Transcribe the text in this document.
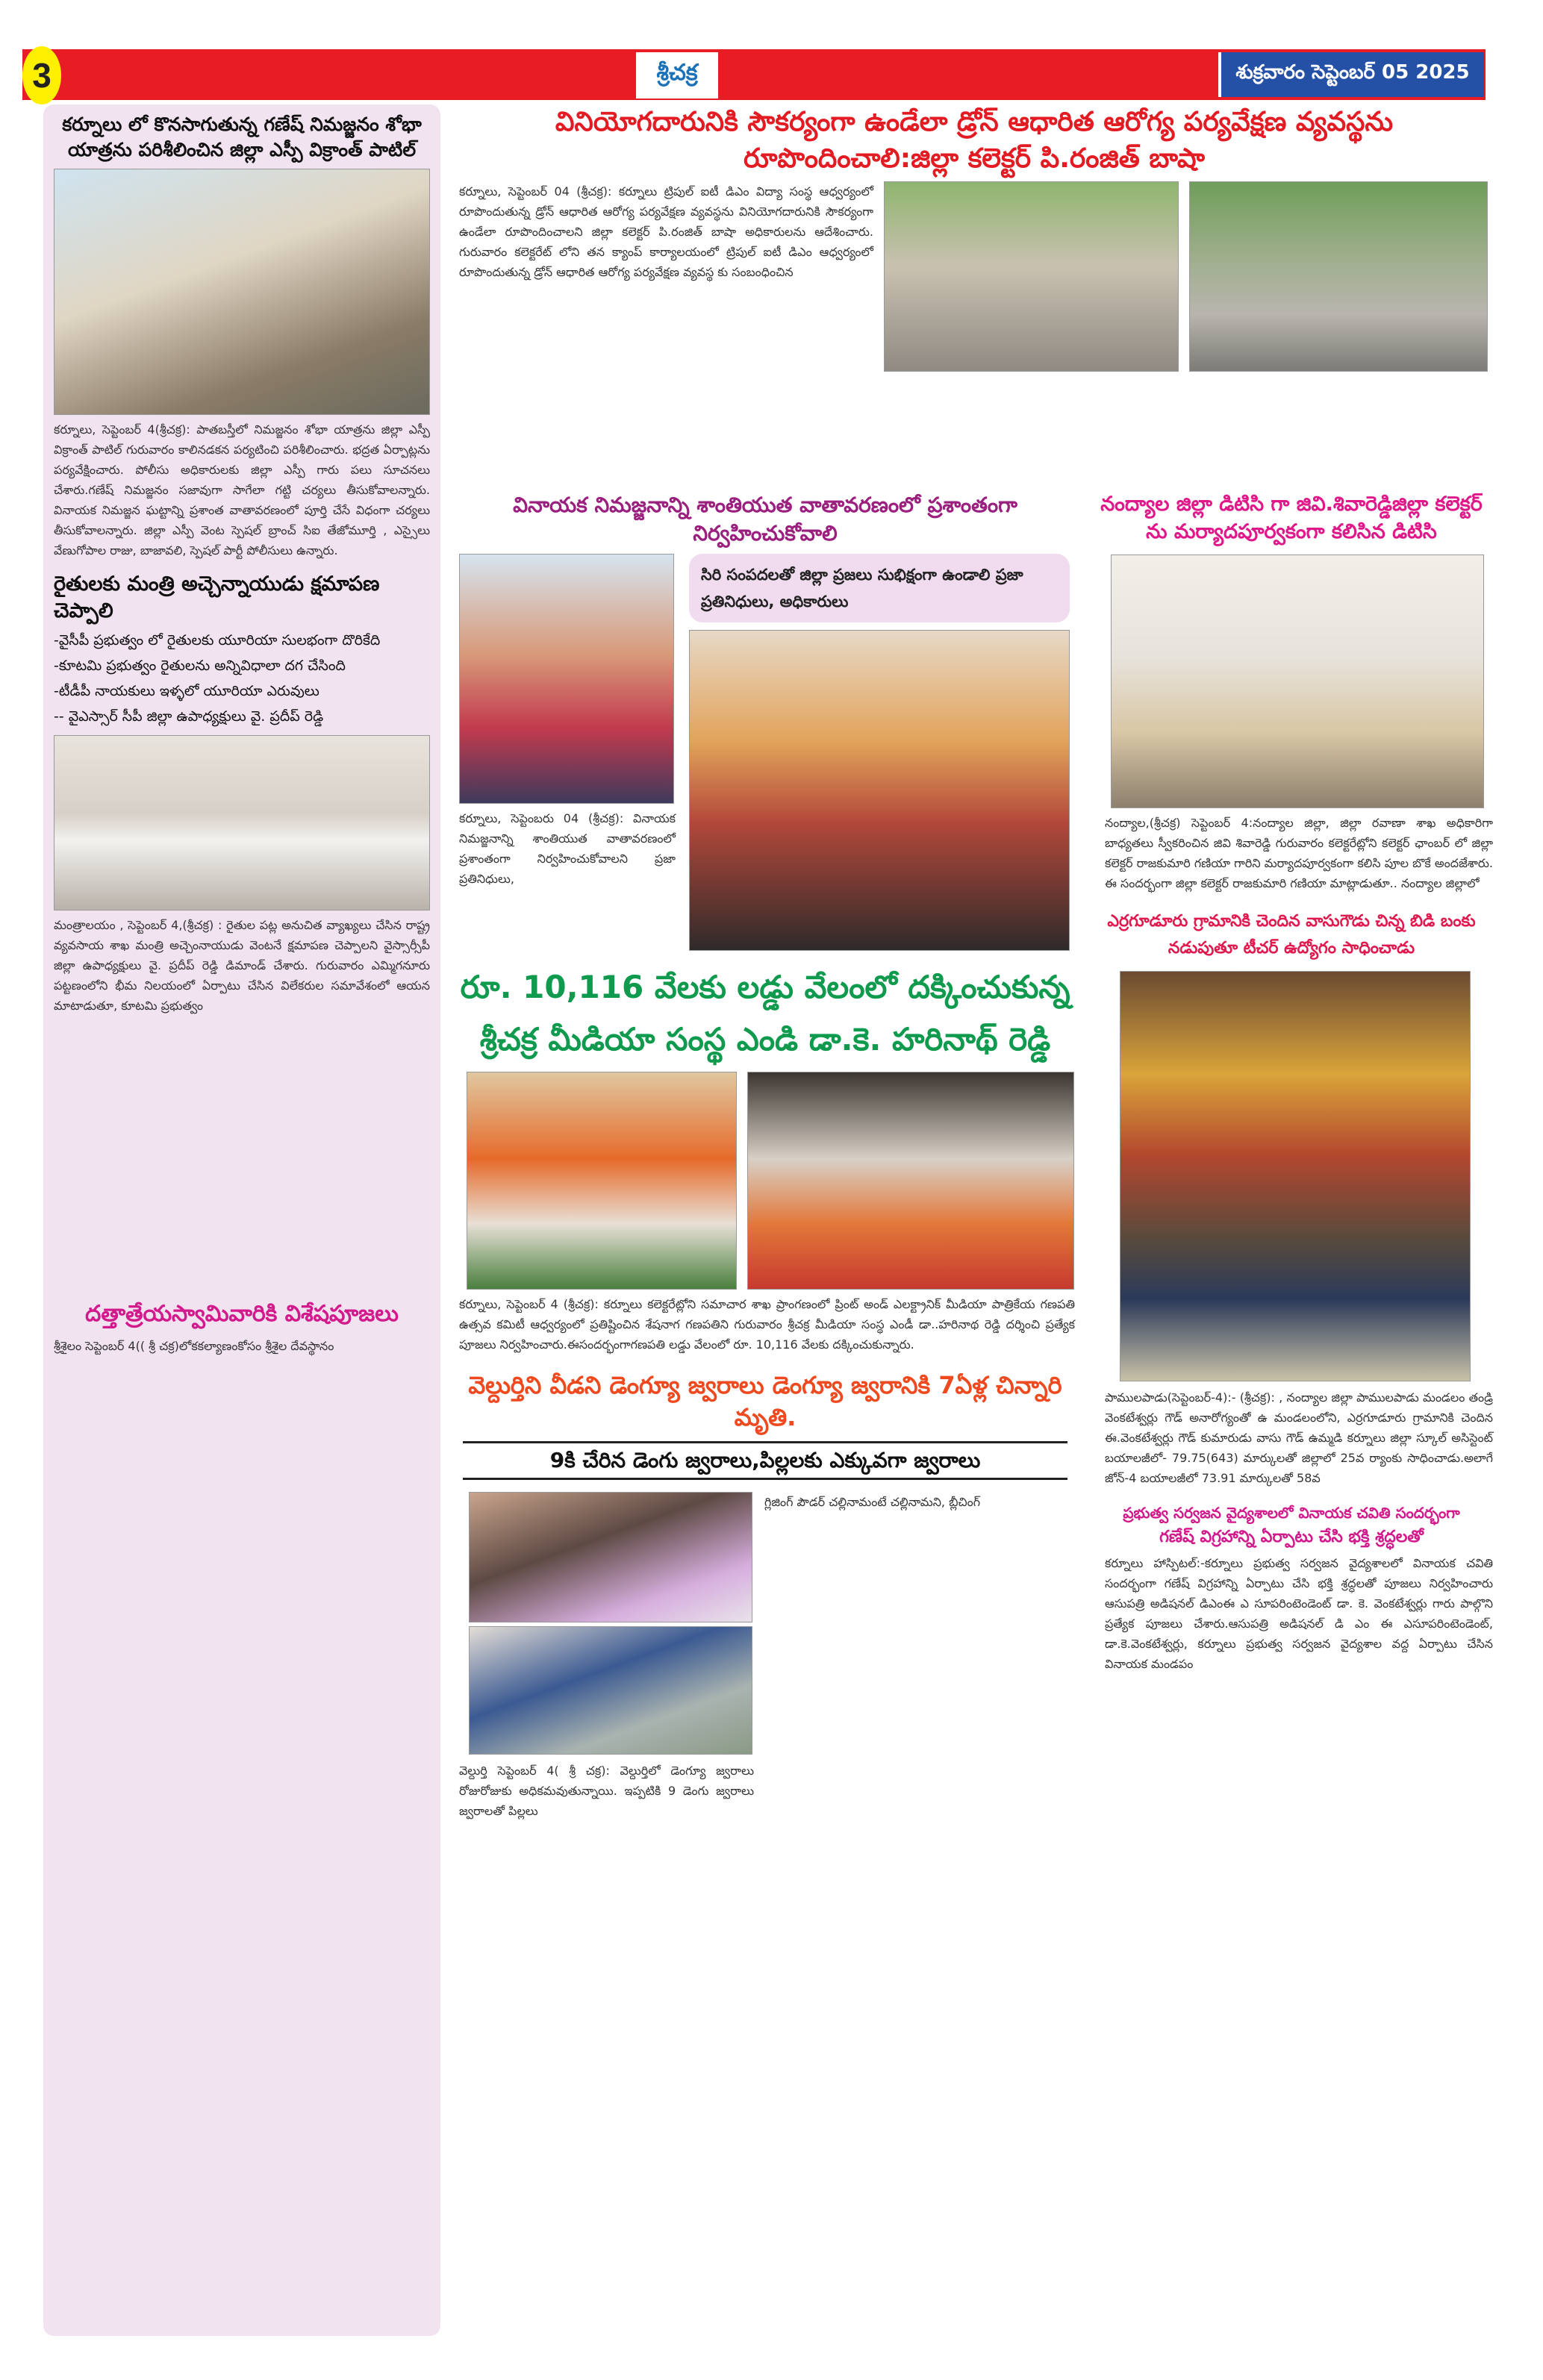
3	శ్రీచక్ర	శుక్రవారం సెప్టెంబర్ 05 2025
కర్నూలు లో కొనసాగుతున్న గణేష్ నిమజ్జనం శోభా యాత్రను పరిశీలించిన జిల్లా ఎస్పీ విక్రాంత్ పాటిల్
కర్నూలు, సెప్టెంబర్ 4(శ్రీచక్ర): పాతబస్తీలో నిమజ్జనం శోభా యాత్రను జిల్లా ఎస్పీ విక్రాంత్ పాటిల్ గురువారం కాలినడకన పర్యటించి పరిశీలించారు. భద్రత ఏర్పాట్లను పర్యవేక్షించారు. పోలీసు అధికారులకు జిల్లా ఎస్పీ గారు పలు సూచనలు చేశారు.గణేష్ నిమజ్జనం సజావుగా సాగేలా గట్టి చర్యలు తీసుకోవాలన్నారు. వినాయక నిమజ్జన ఘట్టాన్ని ప్రశాంత వాతావరణంలో పూర్తి చేసే విధంగా చర్యలు తీసుకోవాలన్నారు. జిల్లా ఎస్పీ వెంట స్పెషల్ బ్రాంచ్ సిఐ తేజోమూర్తి , ఎస్సైలు వేణుగోపాల రాజు, బాజావలి, స్పెషల్ పార్టీ పోలీసులు ఉన్నారు.
రైతులకు మంత్రి అచ్చెన్నాయుడు క్షమాపణ చెప్పాలి
-వైసీపీ ప్రభుత్వం లో రైతులకు యూరియా సులభంగా దొరికేది
-కూటమి ప్రభుత్వం రైతులను అన్నివిధాలా దగ చేసింది
-టీడీపీ నాయకులు ఇళ్ళలో యూరియా ఎరువులు
-- వైఎస్సార్ సీపీ జిల్లా ఉపాధ్యక్షులు వై. ప్రదీప్ రెడ్డి
మంత్రాలయం , సెప్టెంబర్ 4,(శ్రీచక్ర) : రైతుల పట్ల అనుచిత వ్యాఖ్యలు చేసిన రాష్ట్ర వ్యవసాయ శాఖ మంత్రి అచ్చెంనాయుడు వెంటనే క్షమాపణ చెప్పాలని వైస్సార్సీపీ జిల్లా ఉపాధ్యక్షులు వై. ప్రదీప్ రెడ్డి డిమాండ్ చేశారు. గురువారం ఎమ్మిగనూరు పట్టణంలోని భీమ నిలయంలో ఏర్పాటు చేసిన విలేకరుల సమావేశంలో ఆయన మాటాడుతూ, కూటమి ప్రభుత్వం
దత్తాత్రేయస్వామివారికి విశేషపూజలు
శ్రీశైలం సెప్టెంబర్ 4(( శ్రీ చక్ర)లోకకల్యాణంకోసం శ్రీశైల దేవస్థానం
వినియోగదారునికి సౌకర్యంగా ఉండేలా డ్రోన్ ఆధారిత ఆరోగ్య పర్యవేక్షణ వ్యవస్థను రూపొందించాలి:జిల్లా కలెక్టర్ పి.రంజిత్ బాషా
కర్నూలు, సెప్టెంబర్ 04 (శ్రీచక్ర): కర్నూలు ట్రిపుల్ ఐటీ డిఎం విద్యా సంస్థ ఆధ్వర్యంలో రూపొందుతున్న డ్రోన్ ఆధారిత ఆరోగ్య పర్యవేక్షణ వ్యవస్థను వినియోగదారునికి సౌకర్యంగా ఉండేలా రూపొందించాలని జిల్లా కలెక్టర్ పి.రంజిత్ బాషా అధికారులను ఆదేశించారు. గురువారం కలెక్టరేట్ లోని తన క్యాంప్ కార్యాలయంలో ట్రిపుల్ ఐటీ డిఎం ఆధ్వర్యంలో రూపొందుతున్న డ్రోన్ ఆధారిత ఆరోగ్య పర్యవేక్షణ వ్యవస్థ కు సంబంధించిన
వినాయక నిమజ్జనాన్ని శాంతియుత వాతావరణంలో ప్రశాంతంగా నిర్వహించుకోవాలి
కర్నూలు, సెప్టెంబరు 04 (శ్రీచక్ర): వినాయక నిమజ్జనాన్ని శాంతియుత వాతావరణంలో ప్రశాంతంగా నిర్వహించుకోవాలని ప్రజా ప్రతినిధులు,
సిరి సంపదలతో జిల్లా ప్రజలు సుభిక్షంగా ఉండాలి ప్రజా ప్రతినిధులు, అధికారులు
రూ. 10,116 వేలకు లడ్డు వేలంలో దక్కించుకున్న శ్రీచక్ర మీడియా సంస్థ ఎండి డా.కె. హరినాథ్ రెడ్డి
కర్నూలు, సెప్టెంబర్ 4 (శ్రీచక్ర): కర్నూలు కలెక్టరేట్లోని సమాచార శాఖ ప్రాంగణంలో ప్రింట్ అండ్ ఎలక్ట్రానిక్ మీడియా పాత్రికేయ గణపతి ఉత్సవ కమిటీ ఆధ్వర్యంలో ప్రతిష్టించిన శేషనాగ గణపతిని గురువారం శ్రీచక్ర మీడియా సంస్థ ఎండీ డా..హరినాథ రెడ్డి దర్శించి ప్రత్యేక పూజలు నిర్వహించారు.ఈసందర్భంగాగణపతి లడ్డు వేలంలో రూ. 10,116 వేలకు దక్కించుకున్నారు.
వెల్దుర్తిని వీడని డెంగ్యూ జ్వరాలు డెంగ్యూ జ్వరానికి 7ఏళ్ల చిన్నారి మృతి.
9కి చేరిన డెంగు జ్వరాలు,పిల్లలకు ఎక్కువగా జ్వరాలు
వెల్దుర్తి సెప్టెంబర్ 4( శ్రీ చక్ర): వెల్దుర్తిలో డెంగ్యూ జ్వరాలు రోజురోజుకు అధికమవుతున్నాయి. ఇప్పటికి 9 డెంగు జ్వరాలు జ్వరాలతో పిల్లలు
గ్లిజింగ్ పౌడర్ చల్లినామంటే చల్లినామని, బ్లీచింగ్
నంద్యాల జిల్లా డిటిసి గా జివి.శివారెడ్డిజిల్లా కలెక్టర్ ను మర్యాదపూర్వకంగా కలిసిన డిటిసి
నంద్యాల,(శ్రీచక్ర) సెప్టెంబర్ 4:నంద్యాల జిల్లా, జిల్లా రవాణా శాఖ అధికారిగా బాధ్యతలు స్వీకరించిన జివి శివారెడ్డి గురువారం కలెక్టరేట్లోని కలెక్టర్ ఛాంబర్ లో జిల్లా కలెక్టర్ రాజకుమారి గణియా గారిని మర్యాదపూర్వకంగా కలిసి పూల బొకే అందజేశారు. ఈ సందర్భంగా జిల్లా కలెక్టర్ రాజకుమారి గణియా మాట్లాడుతూ.. నంద్యాల జిల్లాలో
ఎర్రగూడూరు గ్రామానికి చెందిన వాసుగౌడు చిన్న బిడి బంకు నడుపుతూ టీచర్ ఉద్యోగం సాధించాడు
పాములపాడు(సెప్టెంబర్-4):- (శ్రీచక్ర): , నంద్యాల జిల్లా పాములపాడు మండలం తండ్రి వెంకటేశ్వర్లు గౌడ్ అనారోగ్యంతో ఉ మండలంలోని, ఎర్రగూడూరు గ్రామానికి చెందిన ఈ.వెంకటేశ్వర్లు గౌడ్ కుమారుడు వాసు గౌడ్ ఉమ్మడి కర్నూలు జిల్లా స్కూల్ అసిస్టెంట్ బయాలజీలో- 79.75(643) మార్కులతో జిల్లాలో 25వ ర్యాంకు సాధించాడు.అలాగే జోన్-4 బయాలజీలో 73.91 మార్కులతో 58వ
ప్రభుత్వ సర్వజన వైద్యశాలలో వినాయక చవితి సందర్భంగా
గణేష్ విగ్రహాన్ని ఏర్పాటు చేసి భక్తి శ్రద్ధలతో
కర్నూలు హాస్పిటల్:-కర్నూలు ప్రభుత్వ సర్వజన వైద్యశాలలో వినాయక చవితి సందర్భంగా గణేష్ విగ్రహాన్ని ఏర్పాటు చేసి భక్తి శ్రద్ధలతో పూజలు నిర్వహించారు ఆసుపత్రి అడిషనల్ డిఎంఈ ఎ సూపరింటెండెంట్ డా. కె. వెంకటేశ్వర్లు గారు పాల్గొని ప్రత్యేక పూజలు చేశారు.ఆసుపత్రి అడిషనల్ డి ఎం ఈ ఎసూపరింటెండెంట్, డా.కె.వెంకటేశ్వర్లు, కర్నూలు ప్రభుత్వ సర్వజన వైద్యశాల వద్ద ఏర్పాటు చేసిన వినాయక మండపం
